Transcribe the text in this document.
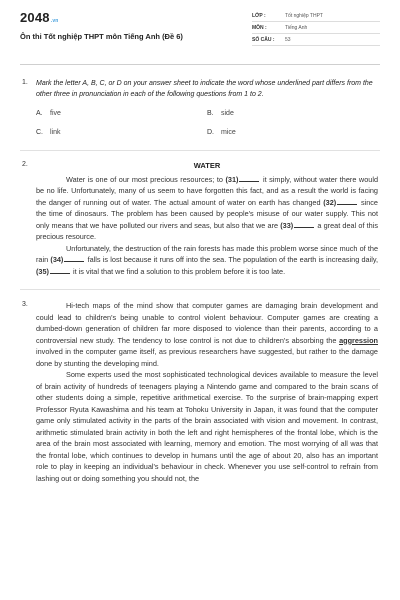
2048.vn
Ôn thi Tốt nghiệp THPT môn Tiếng Anh (Đề 6)
LỚP :	Tốt nghiệp THPT
MÔN :	Tiếng Anh
SỐ CÂU :	53
1. Mark the letter A, B, C, or D on your answer sheet to indicate the word whose underlined part differs from the other three in pronunciation in each of the following questions from 1 to 2.
A.	five	B.	side
C.	link	D.	mice
2.	WATER

Water is one of our most precious resources; to (31)	it simply, without water there would be no life. Unfortunately, many of us seem to have forgotten this fact, and as a result the world is facing the danger of running out of water. The actual amount of water on earth has changed (32)	since the time of dinosaurs. The problem has been caused by people's misuse of our water supply. This not only means that we have polluted our rivers and seas, but also that we are (33)	a great deal of this precious resource.

Unfortunately, the destruction of the rain forests has made this problem worse since much of the rain (34)	falls is lost because it runs off into the sea. The population of the earth is increasing daily, (35)	it is vital that we find a solution to this problem before it is too late.

3.	Hi-tech maps of the mind show that computer games are damaging brain development and could lead to children's being unable to control violent behaviour. Computer games are creating a dumbed-down generation of children far more disposed to violence than their parents, according to a controversial new study. The tendency to lose control is not due to children's absorbing the aggression involved in the computer game itself, as previous researchers have suggested, but rather to the damage done by stunting the developing mind.

Some experts used the most sophisticated technological devices available to measure the level of brain activity of hundreds of teenagers playing a Nintendo game and compared to the brain scans of other students doing a simple, repetitive arithmetical exercise. To the surprise of brain-mapping expert Professor Ryuta Kawashima and his team at Tohoku University in Japan, it was found that the computer game only stimulated activity in the parts of the brain associated with vision and movement. In contrast, arithmetic stimulated brain activity in both the left and right hemispheres of the frontal lobe, which is the area of the brain most associated with learning, memory and emotion. The most worrying of all was that the frontal lobe, which continues to develop in humans until the age of about 20, also has an important role to play in keeping an individual's behaviour in check. Whenever you use self-control to refrain from lashing out or doing something you should not, the
